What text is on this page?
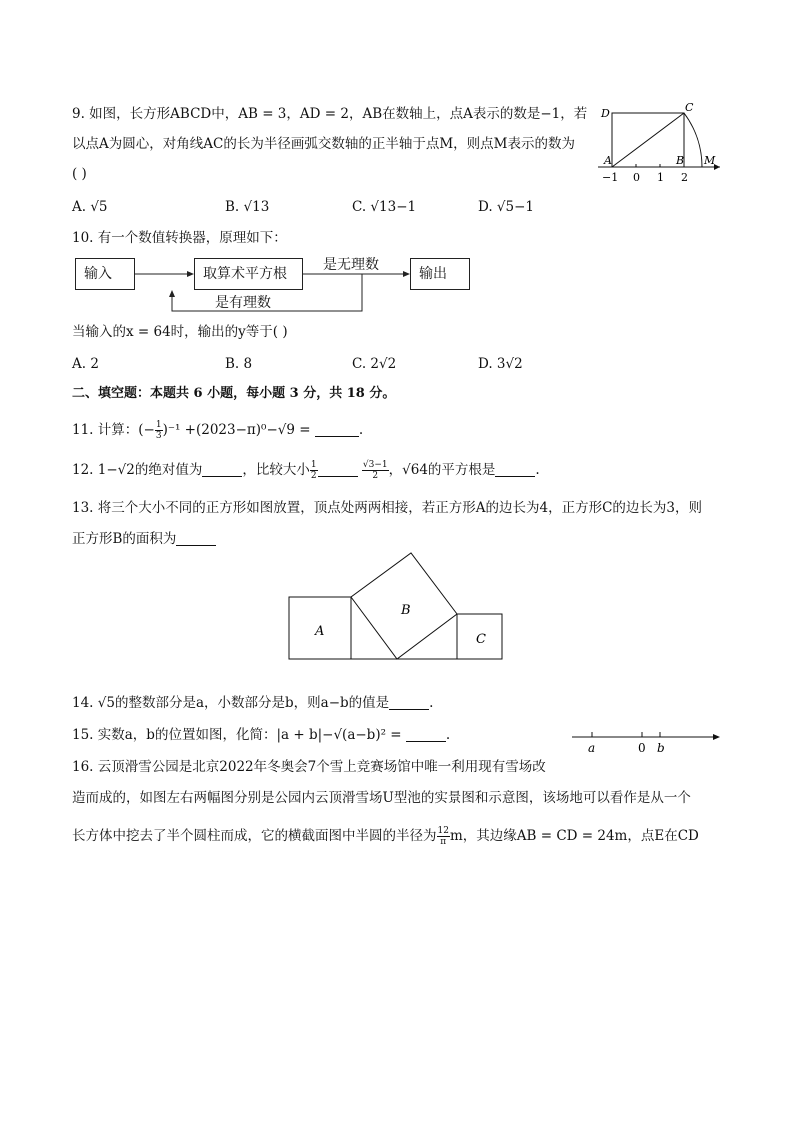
9. 如图，长方形ABCD中，AB = 3，AD = 2，AB在数轴上，点A表示的数是−1，若
以点A为圆心，对角线AC的长为半径画弧交数轴的正半轴于点M，则点M表示的数为
( )
A. √5	B. √13	C. √13−1	D. √5−1
D	C
A	B M
−1 0 1 2
10. 有一个数值转换器，原理如下：
输入	取算术平方根	输出
是无理数
是有理数
当输入的x = 64时，输出的y等于( )
A. 2	B. 8	C. 2√2	D. 3√2
二、填空题：本题共 6 小题，每小题 3 分，共 18 分。
11. 计算：(− $\frac{1}{3} )^{-1} +(2023-\pi)^0-√9$ =	.
12. 1−√2的绝对值为	，比较大小 $\frac{1}{2}$
	$\frac{√3-1}{2}$ ，√64的平方根是	.
13. 将三个大小不同的正方形如图放置，顶点处两两相接，若正方形A的边长为4，正方形C的边长为3，则
正方形B的面积为
A
B
C
14. √5的整数部分是a，小数部分是b，则a−b的值是	.
15. 实数a，b的位置如图，化简：|a + b|−√(a−b)² =	.
a	0 b
16. 云顶滑雪公园是北京2022年冬奥会7个雪上竞赛场馆中唯一利用现有雪场改
造而成的，如图左右两幅图分别是公园内云顶滑雪场U型池的实景图和示意图，该场地可以看作是从一个
长方体中挖去了半个圆柱而成，它的横截面图中半圆的半径为 $\frac{12}{\pi}$ m，其边缘AB = CD = 24m，点E在CD
